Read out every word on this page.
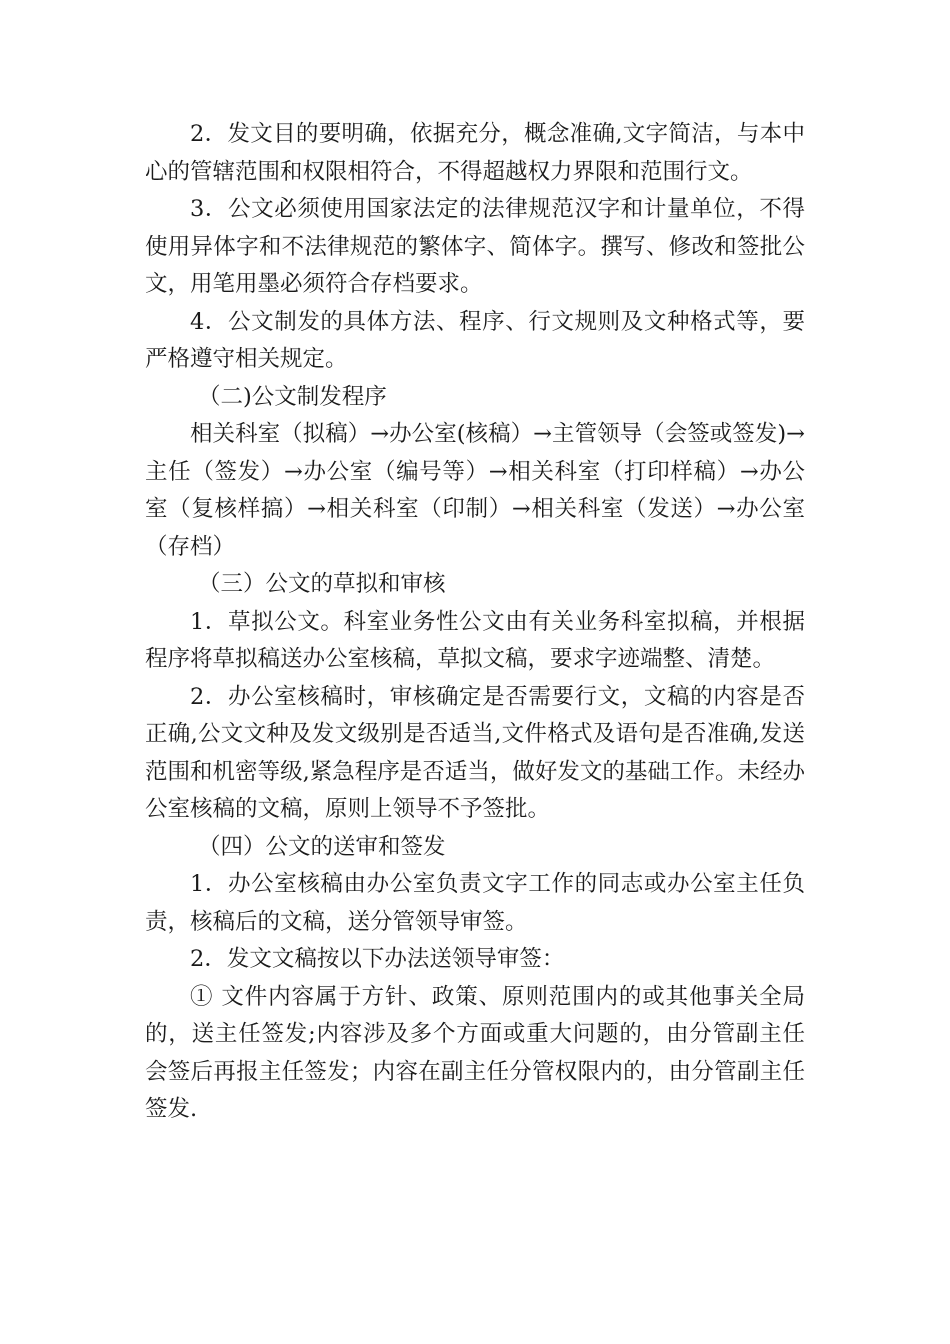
2．发文目的要明确，依据充分，概念准确,文字简洁，与本中心的管辖范围和权限相符合，不得超越权力界限和范围行文。

3．公文必须使用国家法定的法律规范汉字和计量单位，不得使用异体字和不法律规范的繁体字、简体字。撰写、修改和签批公文，用笔用墨必须符合存档要求。

4．公文制发的具体方法、程序、行文规则及文种格式等，要严格遵守相关规定。

（二)公文制发程序

相关科室（拟稿）→办公室(核稿）→主管领导（会签或签发)→主任（签发）→办公室（编号等）→相关科室（打印样稿）→办公室（复核样搞）→相关科室（印制）→相关科室（发送）→办公室（存档）

（三）公文的草拟和审核

1．草拟公文。科室业务性公文由有关业务科室拟稿，并根据程序将草拟稿送办公室核稿，草拟文稿，要求字迹端整、清楚。

2．办公室核稿时，审核确定是否需要行文，文稿的内容是否正确,公文文种及发文级别是否适当,文件格式及语句是否准确,发送范围和机密等级,紧急程序是否适当，做好发文的基础工作。未经办公室核稿的文稿，原则上领导不予签批。

（四）公文的送审和签发

1．办公室核稿由办公室负责文字工作的同志或办公室主任负责，核稿后的文稿，送分管领导审签。

2．发文文稿按以下办法送领导审签：

① 文件内容属于方针、政策、原则范围内的或其他事关全局的，送主任签发;内容涉及多个方面或重大问题的，由分管副主任会签后再报主任签发；内容在副主任分管权限内的，由分管副主任签发.
